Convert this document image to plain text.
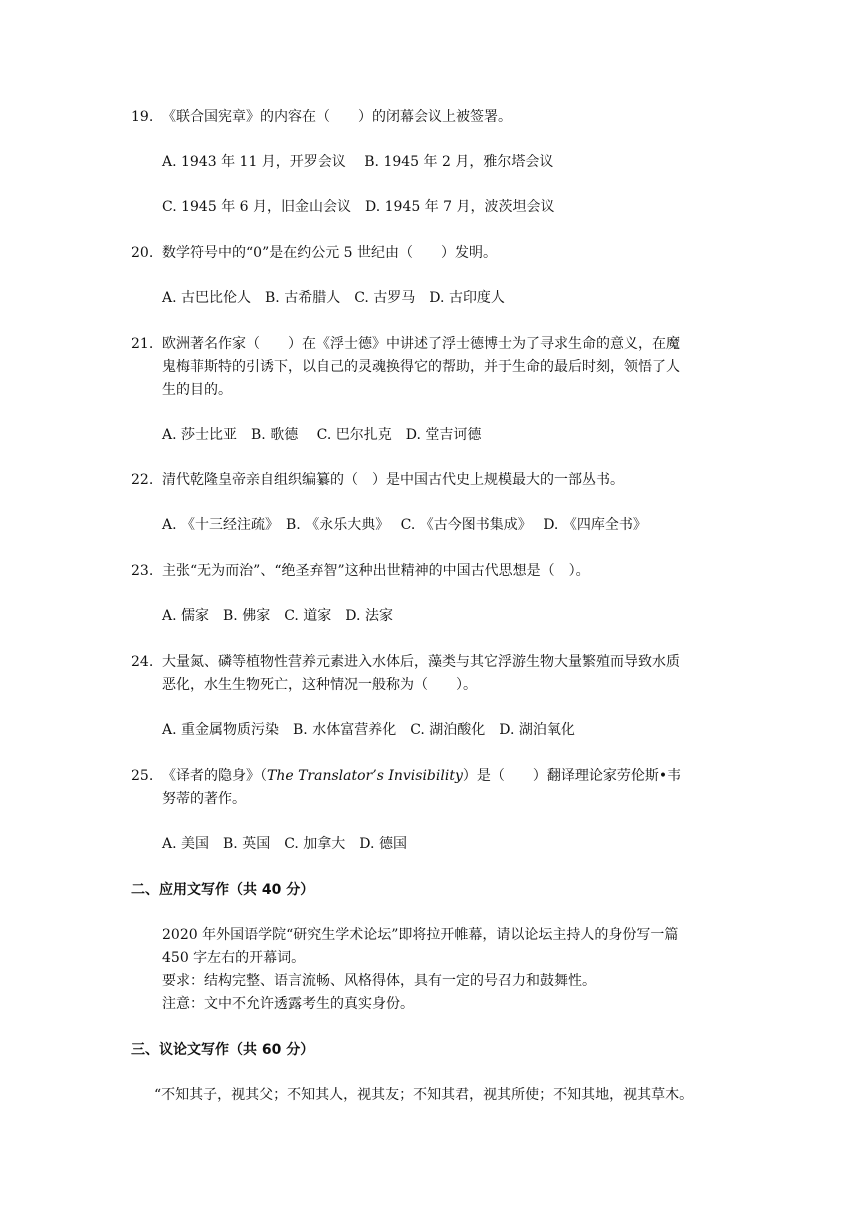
19. 《联合国宪章》的内容在（　　）的闭幕会议上被签署。
A. 1943 年 11 月，开罗会议　 B. 1945 年 2 月，雅尔塔会议
C. 1945 年 6 月，旧金山会议　D. 1945 年 7 月，波茨坦会议
20. 数学符号中的“0”是在约公元 5 世纪由（　　）发明。
A. 古巴比伦人　B. 古希腊人　C. 古罗马　D. 古印度人
21. 欧洲著名作家（　　）在《浮士德》中讲述了浮士德博士为了寻求生命的意义，在魔
鬼梅菲斯特的引诱下，以自己的灵魂换得它的帮助，并于生命的最后时刻，领悟了人
生的目的。
A. 莎士比亚　B. 歌德　 C. 巴尔扎克　D. 堂吉诃德
22. 清代乾隆皇帝亲自组织编纂的（　）是中国古代史上规模最大的一部丛书。
A. 《十三经注疏》　B. 《永乐大典》　 C. 《古今图书集成》　 D. 《四库全书》
23. 主张“无为而治”、“绝圣弃智”这种出世精神的中国古代思想是（　）。
A. 儒家　B. 佛家　C. 道家　D. 法家
24. 大量氮、磷等植物性营养元素进入水体后，藻类与其它浮游生物大量繁殖而导致水质
恶化，水生生物死亡，这种情况一般称为（　　）。
A. 重金属物质污染　B. 水体富营养化　C. 湖泊酸化　D. 湖泊氧化
25. 《译者的隐身》（The Translator’s Invisibility）是（　　）翻译理论家劳伦斯•韦
努蒂的著作。
A. 美国　B. 英国　C. 加拿大　D. 德国
二、应用文写作（共 40 分）
2020 年外国语学院“研究生学术论坛”即将拉开帷幕，请以论坛主持人的身份写一篇
450 字左右的开幕词。
要求：结构完整、语言流畅、风格得体，具有一定的号召力和鼓舞性。
注意：文中不允许透露考生的真实身份。
三、议论文写作（共 60 分）
“不知其子，视其父；不知其人，视其友；不知其君，视其所使；不知其地，视其草木。
